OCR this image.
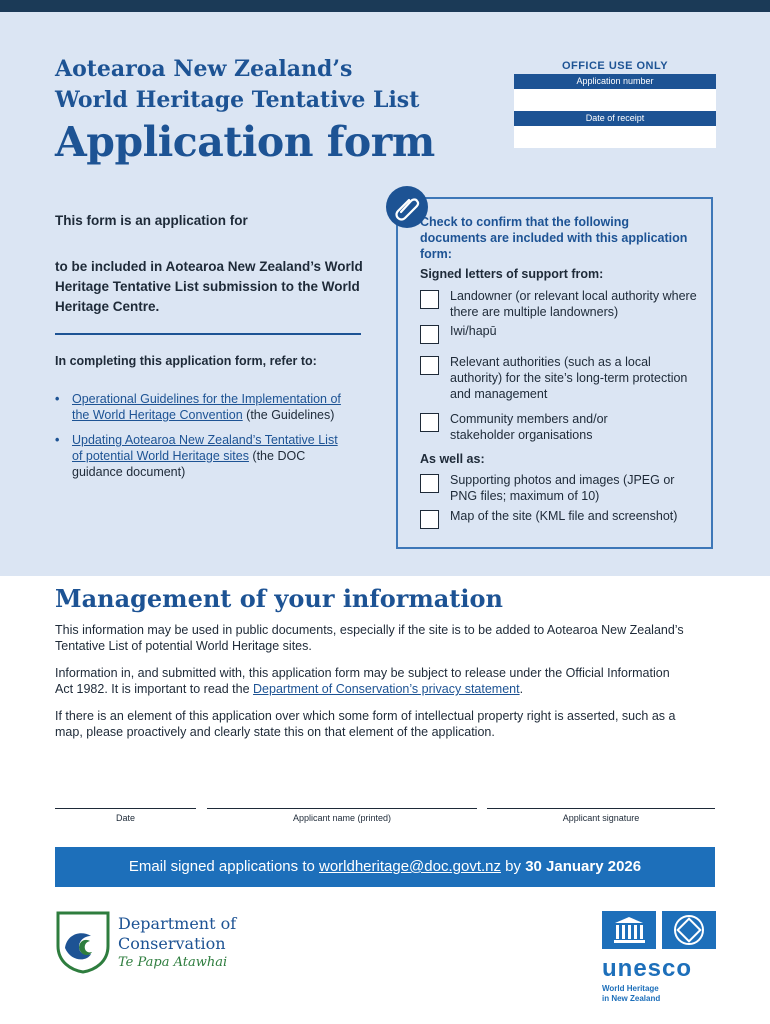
Aotearoa New Zealand’s
World Heritage Tentative List
Application form
OFFICE USE ONLY
Application number
Date of receipt
This form is an application for
to be included in Aotearoa New Zealand’s World Heritage Tentative List submission to the World Heritage Centre.
In completing this application form, refer to:
• Operational Guidelines for the Implementation of the World Heritage Convention (the Guidelines)
• Updating Aotearoa New Zealand’s Tentative List of potential World Heritage sites (the DOC guidance document)
Check to confirm that the following documents are included with this application form:
Signed letters of support from:
Landowner (or relevant local authority where there are multiple landowners)
Iwi/hapū
Relevant authorities (such as a local authority) for the site’s long-term protection and management
Community members and/or stakeholder organisations
As well as:
Supporting photos and images (JPEG or PNG files; maximum of 10)
Map of the site (KML file and screenshot)
Management of your information
This information may be used in public documents, especially if the site is to be added to Aotearoa New Zealand’s Tentative List of potential World Heritage sites.
Information in, and submitted with, this application form may be subject to release under the Official Information Act 1982. It is important to read the Department of Conservation’s privacy statement.
If there is an element of this application over which some form of intellectual property right is asserted, such as a map, please proactively and clearly state this on that element of the application.
Date	Applicant name (printed)	Applicant signature
Email signed applications to worldheritage@doc.govt.nz by 30 January 2026
Department of
Conservation
Te Papa Atawhai	unesco
World Heritage
in New Zealand
